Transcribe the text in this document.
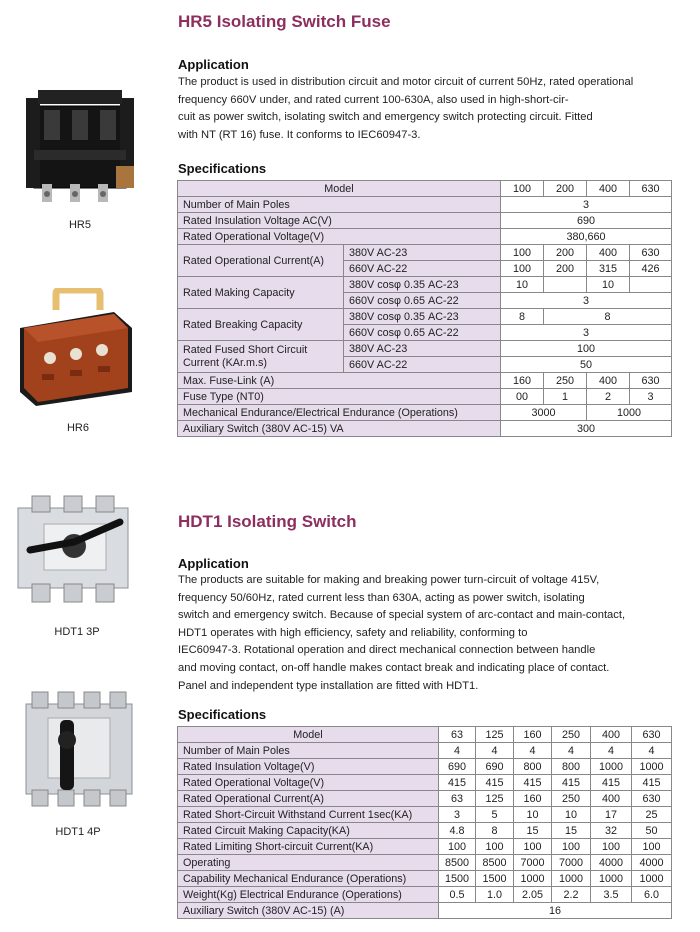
HR5 Isolating Switch Fuse
Application
The product is used in distribution circuit and motor circuit of current 50Hz, rated operational
frequency 660V under, and rated current 100-630A, also used in high-short-cir-
cuit as power switch, isolating switch and emergency switch protecting circuit. Fitted
with NT (RT 16) fuse. It conforms to IEC60947-3.
Specifications
HR5
HR6
Model		100	200	400	630
Number of Main Poles		3			
Rated Insulation Voltage AC(V)		690			
Rated Operational Voltage(V)		380,660			
Rated Operational Current(A)	380V AC-23	100	200	400	630
	660V AC-22	100	200	315	426
Rated Making Capacity	380V cosφ 0.35 AC-23	10		10	
	660V cosφ 0.65 AC-22	3			
Rated Breaking Capacity	380V cosφ 0.35 AC-23	8	8		
	660V cosφ 0.65 AC-22	3			
Rated Fused Short Circuit Current (KAr.m.s)	380V AC-23	100			
	660V AC-22	50			
Max. Fuse-Link (A)		160	250	400	630
Fuse Type (NT0)		00	1	2	3
Mechanical Endurance/Electrical Endurance (Operations)		3000		1000	
Auxiliary Switch (380V AC-15) VA		300			
HDT1 Isolating Switch
Application
The products are suitable for making and breaking power turn-circuit of voltage 415V,
frequency 50/60Hz, rated current less than 630A, acting as power switch, isolating
switch and emergency switch. Because of special system of arc-contact and main-contact,
HDT1 operates with high efficiency, safety and reliability, conforming to
IEC60947-3. Rotational operation and direct mechanical connection between handle
and moving contact, on-off handle makes contact break and indicating place of contact.
Panel and independent type installation are fitted with HDT1.
Specifications
HDT1 3P
HDT1 4P
Model	63	125	160	250	400	630
Number of Main Poles	4	4	4	4	4	4
Rated Insulation Voltage(V)	690	690	800	800	1000	1000
Rated Operational Voltage(V)	415	415	415	415	415	415
Rated Operational Current(A)	63	125	160	250	400	630
Rated Short-Circuit Withstand Current 1sec(KA)	3	5	10	10	17	25
Rated Circuit Making Capacity(KA)	4.8	8	15	15	32	50
Rated Limiting Short-circuit Current(KA)	100	100	100	100	100	100
Operating	8500	8500	7000	7000	4000	4000
Capability Mechanical Endurance (Operations)	1500	1500	1000	1000	1000	1000
Weight(Kg) Electrical Endurance (Operations)	0.5	1.0	2.05	2.2	3.5	6.0
Auxiliary Switch (380V AC-15) (A)	16					
